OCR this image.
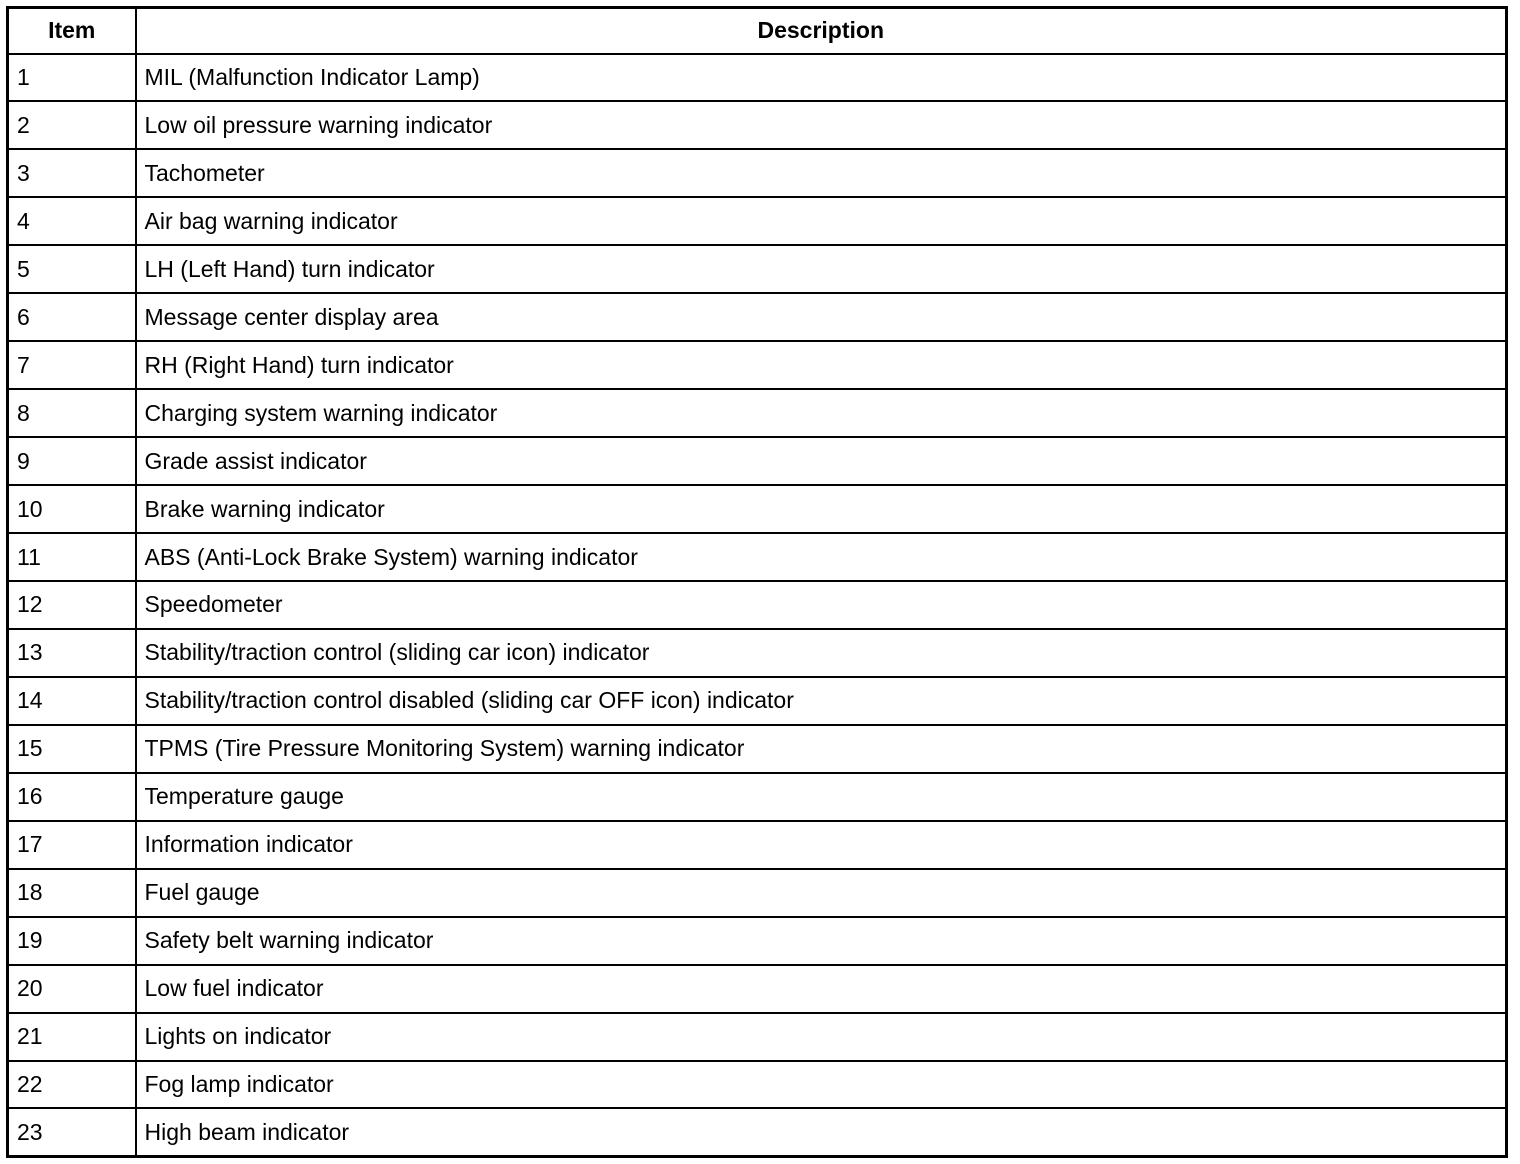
Item	Description
1	MIL (Malfunction Indicator Lamp)
2	Low oil pressure warning indicator
3	Tachometer
4	Air bag warning indicator
5	LH (Left Hand) turn indicator
6	Message center display area
7	RH (Right Hand) turn indicator
8	Charging system warning indicator
9	Grade assist indicator
10	Brake warning indicator
11	ABS (Anti-Lock Brake System) warning indicator
12	Speedometer
13	Stability/traction control (sliding car icon) indicator
14	Stability/traction control disabled (sliding car OFF icon) indicator
15	TPMS (Tire Pressure Monitoring System) warning indicator
16	Temperature gauge
17	Information indicator
18	Fuel gauge
19	Safety belt warning indicator
20	Low fuel indicator
21	Lights on indicator
22	Fog lamp indicator
23	High beam indicator
